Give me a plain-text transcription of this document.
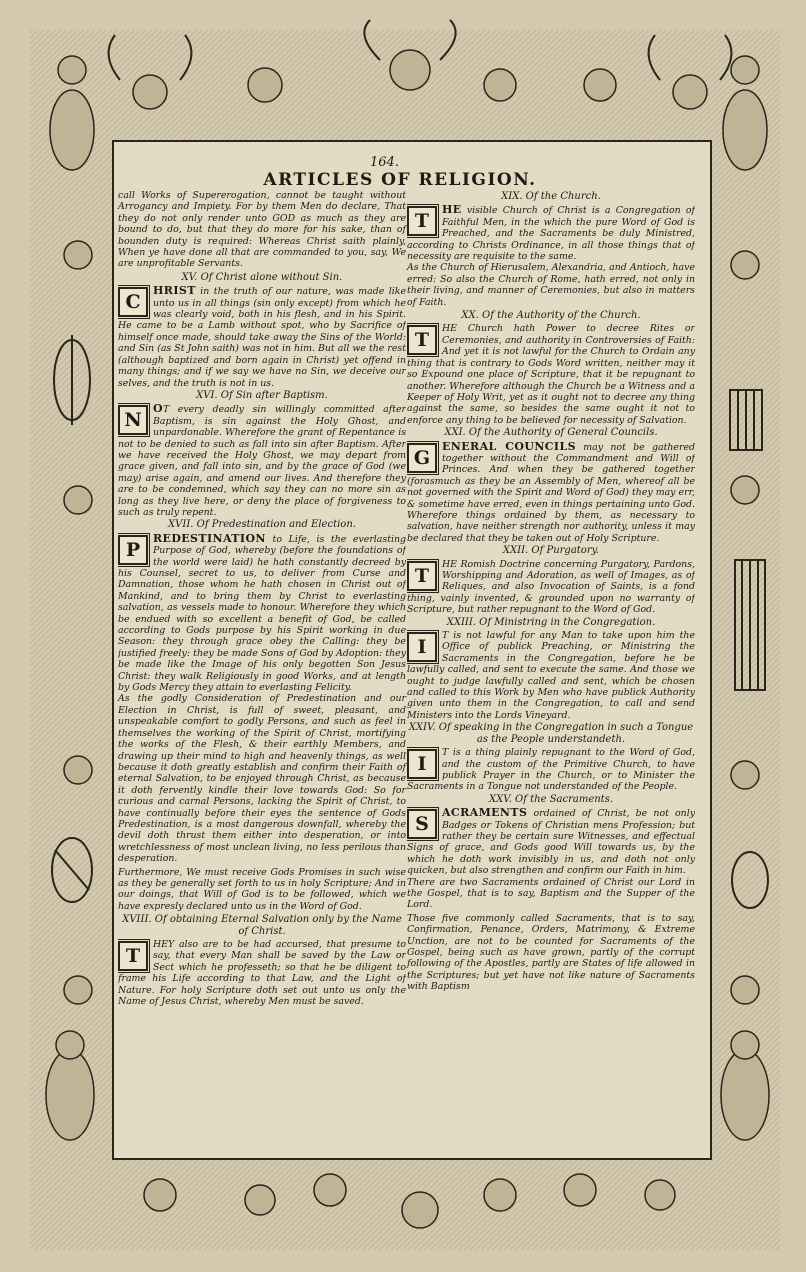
164.
ARTICLES OF RELIGION.

call Works of Supererogation, cannot be taught without Arrogancy and Impiety. For by them Men do declare, That they do not only render unto GOD as much as they are bound to do, but that they do more for his sake, than of bounden duty is required: Whereas Christ saith plainly, When ye have done all that are commanded to you, say, We are unprofitable Servants.

XV. Of Christ alone without Sin.
C
HRIST in the truth of our nature, was made like unto us in all things (sin only except) from which he was clearly void, both in his flesh, and in his Spirit. He came to be a Lamb without spot, who by Sacrifice of himself once made, should take away the Sins of the World: and Sin (as St John saith) was not in him. But all we the rest (although baptized and born again in Christ) yet offend in many things; and if we say we have no Sin, we deceive our selves, and the truth is not in us.
XVI. Of Sin after Baptism.
N
OT every deadly sin willingly committed after Baptism, is sin against the Holy Ghost, and unpardonable. Wherefore the grant of Repentance is not to be denied to such as fall into sin after Baptism. After we have received the Holy Ghost, we may depart from grace given, and fall into sin, and by the grace of God (we may) arise again, and amend our lives. And therefore they are to be condemned, which say they can no more sin as long as they live here, or deny the place of forgiveness to such as truly repent.
XVII. Of Predestination and Election.
P
REDESTINATION to Life, is the everlasting Purpose of God, whereby (before the foundations of the world were laid) he hath constantly decreed by his Counsel, secret to us, to deliver from Curse and Damnation, those whom he hath chosen in Christ out of Mankind, and to bring them by Christ to everlasting salvation, as vessels made to honour. Wherefore they which be endued with so excellent a benefit of God, be called according to Gods purpose by his Spirit working in due Season: they through grace obey the Calling: they be justified freely: they be made Sons of God by Adoption: they be made like the Image of his only begotten Son Jesus Christ: they walk Religiously in good Works, and at length by Gods Mercy they attain to everlasting Felicity.

As the godly Consideration of Predestination and our Election in Christ, is full of sweet, pleasant, and unspeakable comfort to godly Persons, and such as feel in themselves the working of the Spirit of Christ, mortifying the works of the Flesh, & their earthly Members, and drawing up their mind to high and heavenly things, as well because it doth greatly establish and confirm their Faith of eternal Salvation, to be enjoyed through Christ, as because it doth fervently kindle their love towards God: So for curious and carnal Persons, lacking the Spirit of Christ, to have continually before their eyes the sentence of Gods Predestination, is a most dangerous downfall, whereby the devil doth thrust them either into desperation, or into wretchlessness of most unclean living, no less perilous than desperation.

Furthermore, We must receive Gods Promises in such wise as they be generally set forth to us in holy Scripture; And in our doings, that Will of God is to be followed, which we have expresly declared unto us in the Word of God.

XVIII. Of obtaining Eternal Salvation only by the Name of Christ.
T
HEY also are to be had accursed, that presume to say, that every Man shall be saved by the Law or Sect which he professeth; so that he be diligent to frame his Life according to that Law, and the Light of Nature. For holy Scripture doth set out unto us only the Name of Jesus Christ, whereby Men must be saved.
XIX. Of the Church.
T
HE visible Church of Christ is a Congregation of Faithful Men, in the which the pure Word of God is Preached, and the Sacraments be duly Ministred, according to Christs Ordinance, in all those things that of necessity are requisite to the same.

As the Church of Hierusalem, Alexandria, and Antioch, have erred: So also the Church of Rome, hath erred, not only in their living, and manner of Ceremonies, but also in matters of Faith.

XX. Of the Authority of the Church.
T
HE Church hath Power to decree Rites or Ceremonies, and authority in Controversies of Faith: And yet it is not lawful for the Church to Ordain any thing that is contrary to Gods Word written, neither may it so Expound one place of Scripture, that it be repugnant to another. Wherefore although the Church be a Witness and a Keeper of Holy Writ, yet as it ought not to decree any thing against the same, so besides the same ought it not to enforce any thing to be believed for necessity of Salvation.
XXI. Of the Authority of General Councils.
G
ENERAL COUNCILS may not be gathered together without the Commandment and Will of Princes. And when they be gathered together (forasmuch as they be an Assembly of Men, whereof all be not governed with the Spirit and Word of God) they may err, & sometime have erred, even in things pertaining unto God. Wherefore things ordained by them, as necessary to salvation, have neither strength nor authority, unless it may be declared that they be taken out of Holy Scripture.
XXII. Of Purgatory.
T
HE Romish Doctrine concerning Purgatory, Pardons, Worshipping and Adoration, as well of Images, as of Reliques, and also Invocation of Saints, is a fond thing, vainly invented, & grounded upon no warranty of Scripture, but rather repugnant to the Word of God.
XXIII. Of Ministring in the Congregation.
I
T is not lawful for any Man to take upon him the Office of publick Preaching, or Ministring the Sacraments in the Congregation, before he be lawfully called, and sent to execute the same. And those we ought to judge lawfully called and sent, which be chosen and called to this Work by Men who have publick Authority given unto them in the Congregation, to call and send Ministers into the Lords Vineyard.
XXIV. Of speaking in the Congregation in such a Tongue as the People understandeth.
I
T is a thing plainly repugnant to the Word of God, and the custom of the Primitive Church, to have publick Prayer in the Church, or to Minister the Sacraments in a Tongue not understanded of the People.
XXV. Of the Sacraments.
S
ACRAMENTS ordained of Christ, be not only Badges or Tokens of Christian mens Profession; but rather they be certain sure Witnesses, and effectual Signs of grace, and Gods good Will towards us, by the which he doth work invisibly in us, and doth not only quicken, but also strengthen and confirm our Faith in him.

There are two Sacraments ordained of Christ our Lord in the Gospel, that is to say, Baptism and the Supper of the Lord.

Those five commonly called Sacraments, that is to say, Confirmation, Penance, Orders, Matrimony, & Extreme Unction, are not to be counted for Sacraments of the Gospel, being such as have grown, partly of the corrupt following of the Apostles, partly are States of life allowed in the Scriptures; but yet have not like nature of Sacraments with Baptism
